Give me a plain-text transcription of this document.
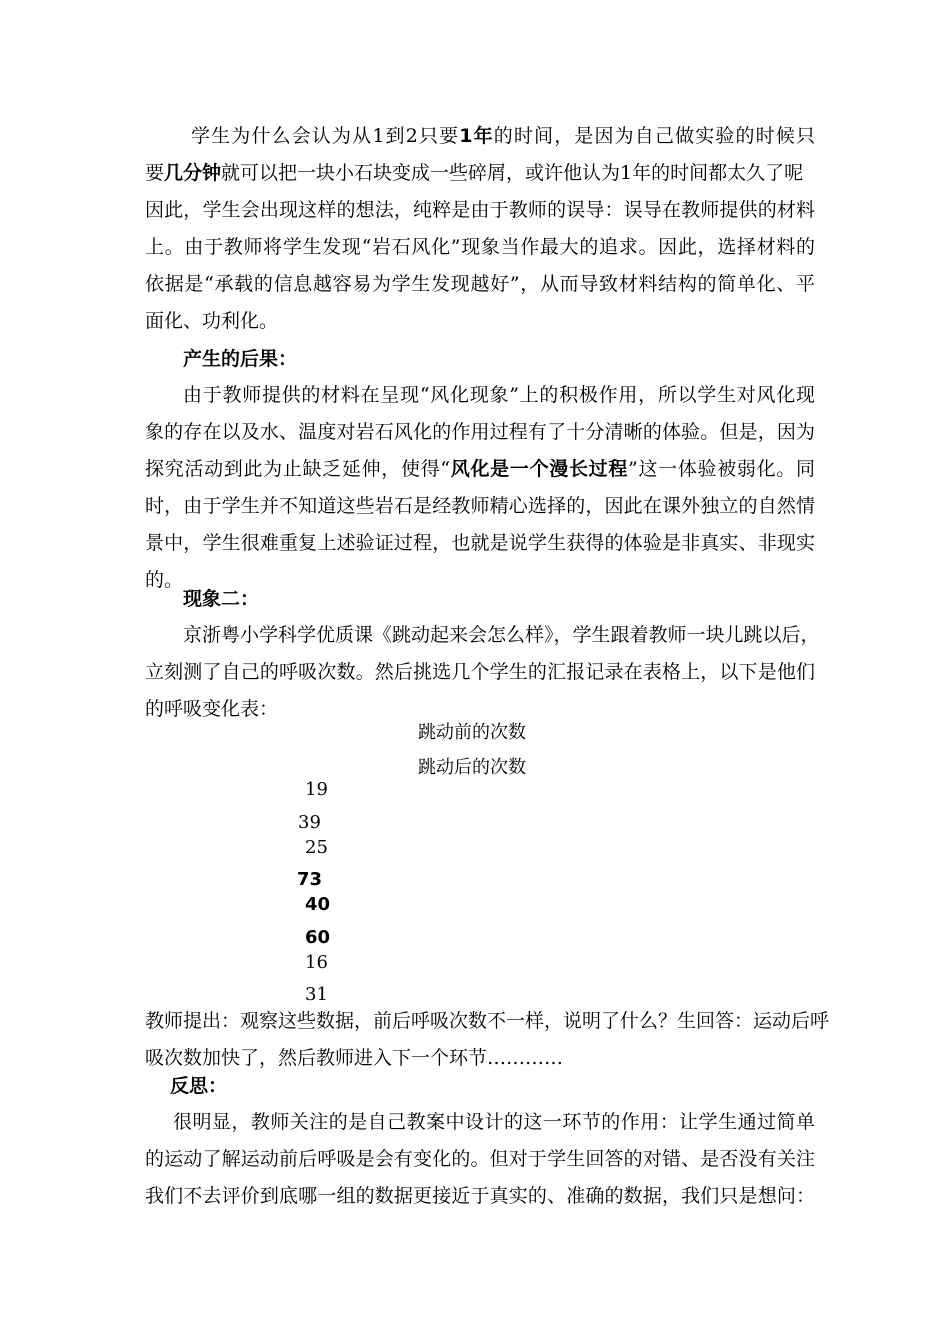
学生为什么会认为从1到2只要1年的时间，是因为自己做实验的时候只
要几分钟就可以把一块小石块变成一些碎屑，或许他认为1年的时间都太久了呢
因此，学生会出现这样的想法，纯粹是由于教师的误导：误导在教师提供的材料
上。由于教师将学生发现“岩石风化”现象当作最大的追求。因此，选择材料的
依据是“承载的信息越容易为学生发现越好”，从而导致材料结构的简单化、平
面化、功利化。
产生的后果：
由于教师提供的材料在呈现“风化现象”上的积极作用，所以学生对风化现
象的存在以及水、温度对岩石风化的作用过程有了十分清晰的体验。但是，因为
探究活动到此为止缺乏延伸，使得“风化是一个漫长过程”这一体验被弱化。同
时，由于学生并不知道这些岩石是经教师精心选择的，因此在课外独立的自然情
景中，学生很难重复上述验证过程，也就是说学生获得的体验是非真实、非现实
的。
现象二：
京浙粤小学科学优质课《跳动起来会怎么样》，学生跟着教师一块儿跳以后，
立刻测了自己的呼吸次数。然后挑选几个学生的汇报记录在表格上，以下是他们
的呼吸变化表：
跳动前的次数
跳动后的次数
19
39
25
73
40
60
16
31
教师提出：观察这些数据，前后呼吸次数不一样，说明了什么？生回答：运动后呼
吸次数加快了，然后教师进入下一个环节…………
反思：
很明显，教师关注的是自己教案中设计的这一环节的作用：让学生通过简单
的运动了解运动前后呼吸是会有变化的。但对于学生回答的对错、是否没有关注
我们不去评价到底哪一组的数据更接近于真实的、准确的数据，我们只是想问：
